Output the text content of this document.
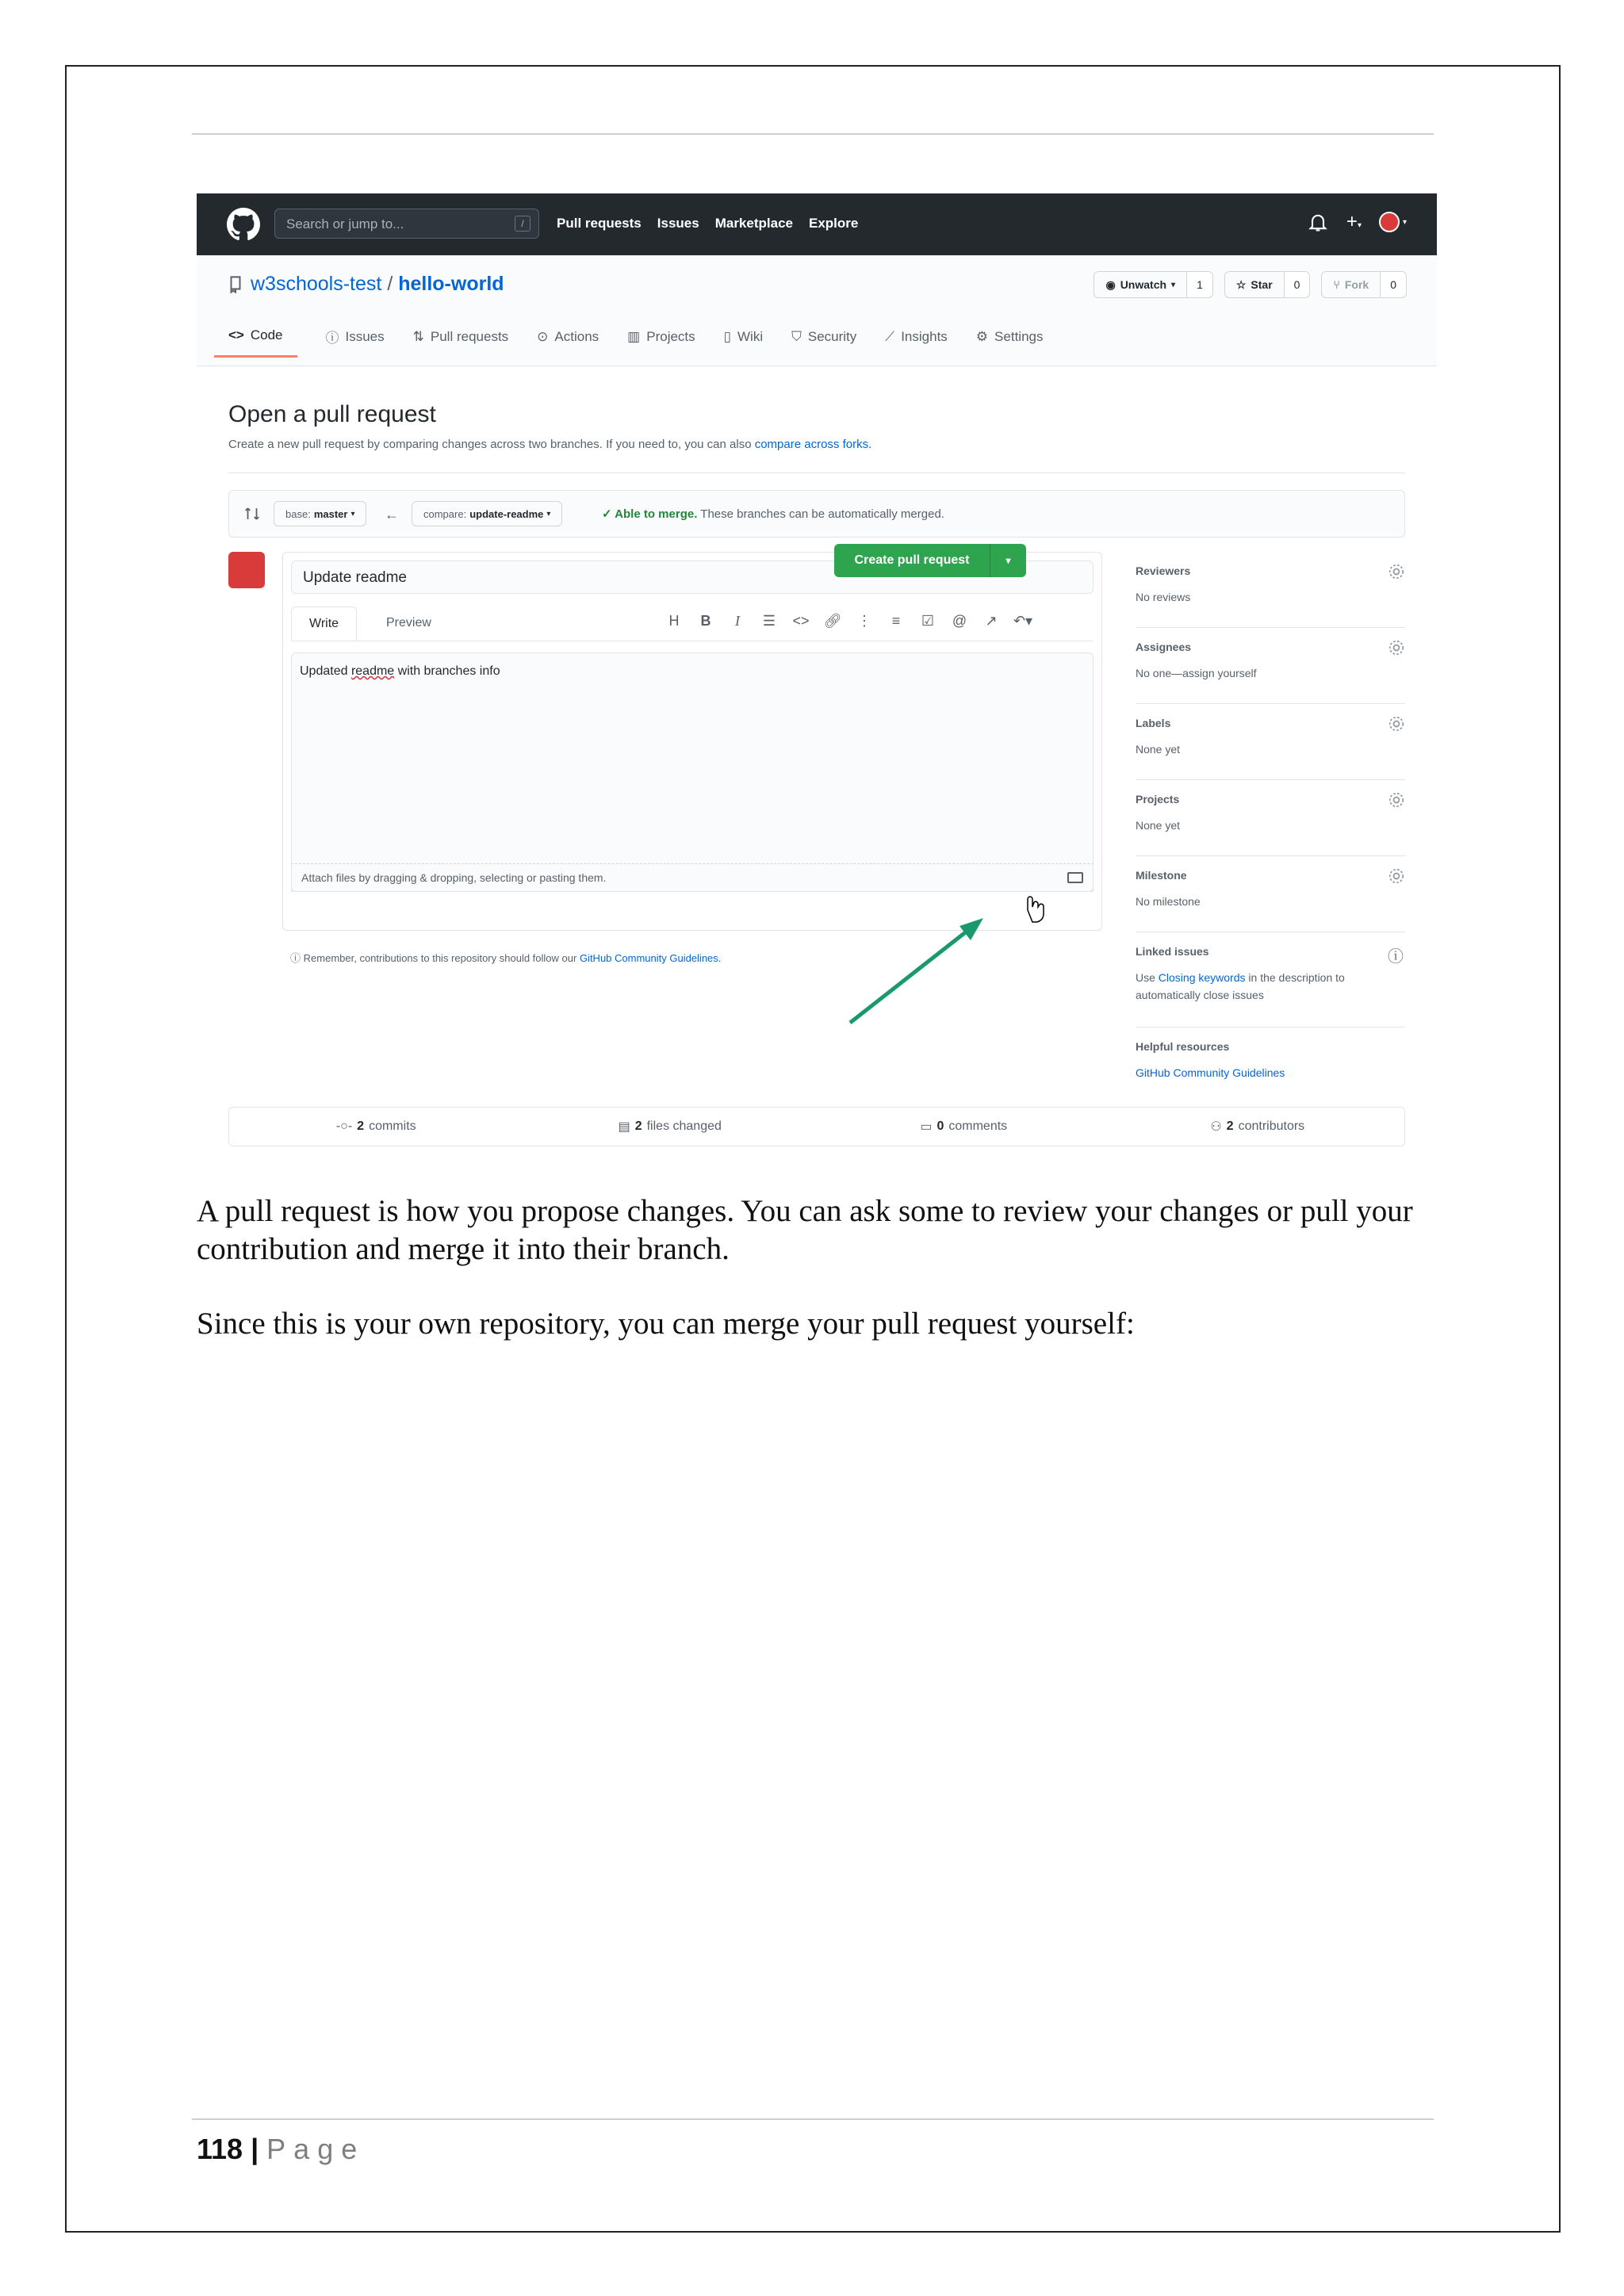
Search or jump to...	/	Pull requests Issues Marketplace Explore	+▾	▾
w3schools-test / hello-world	◉ Unwatch ▾	1	☆ Star	0	⑂ Fork	0
<> Code	ⓘ Issues ⇅ Pull requests ⊙ Actions ▥ Projects ▯ Wiki ⛉ Security ⟋ Insights ⚙ Settings
Open a pull request
Create a new pull request by comparing changes across two branches. If you need to, you can also compare across forks.
base: master ▾ ← compare: update-readme ▾	✓ Able to merge. These branches can be automatically merged.
Update readme
Write	Preview	H	B	I	☰ <> 🔗︎ ⋮	≡	☑ @	↗	↶▾
Updated readme with branches info
Attach files by dragging & dropping, selecting or pasting them.
Create pull request	▾
ⓘ Remember, contributions to this repository should follow our GitHub Community Guidelines.
Reviewers
No reviews
Assignees
No one—assign yourself
Labels
None yet
Projects
None yet
Milestone
No milestone
Linked issues
Use Closing keywords in the description to automatically close issues
ⓘ
Helpful resources
GitHub Community Guidelines
-○- 2 commits	▤ 2 files changed	▭ 0 comments	⚇ 2 contributors
A pull request is how you propose changes. You can ask some to review your changes or pull your contribution and merge it into their branch.
Since this is your own repository, you can merge your pull request yourself:
118 | Page
